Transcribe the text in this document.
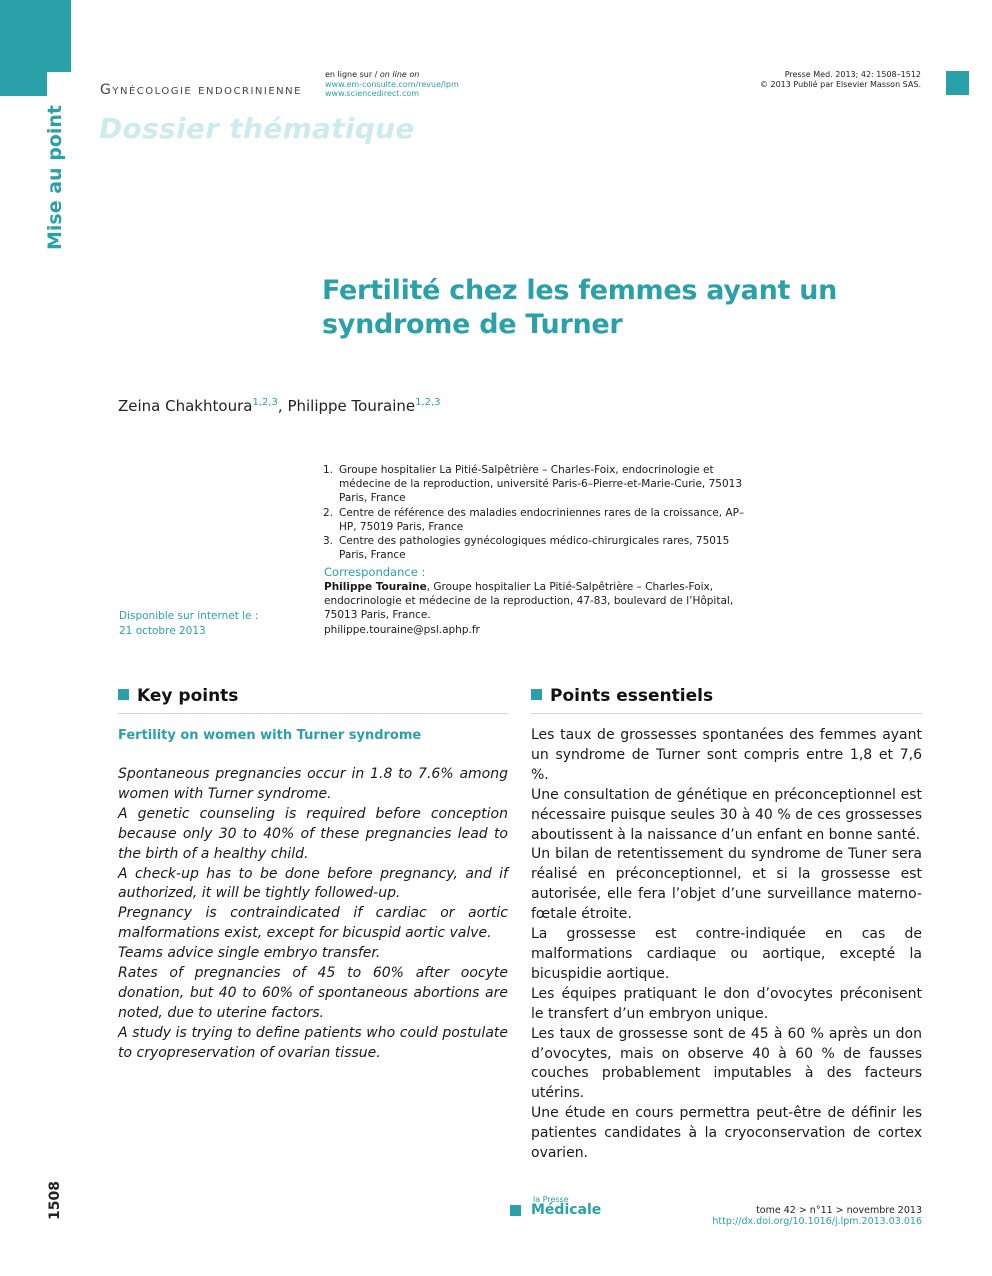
Gynécologie endocrinienne
en ligne sur / on line on
www.em-consulte.com/revue/lpm
www.sciencedirect.com
Presse Med. 2013; 42: 1508–1512
© 2013 Publié par Elsevier Masson SAS.
Dossier thématique
Mise au point
Fertilité chez les femmes ayant un syndrome de Turner
Zeina Chakhtoura$^{1,2,3}$, Philippe Touraine$^{1,2,3}$
1. Groupe hospitalier La Pitié-Salpêtrière – Charles-Foix, endocrinologie et médecine de la reproduction, université Paris-6–Pierre-et-Marie-Curie, 75013 Paris, France
2. Centre de référence des maladies endocriniennes rares de la croissance, AP–HP, 75019 Paris, France
3. Centre des pathologies gynécologiques médico-chirurgicales rares, 75015 Paris, France
Correspondance :
Philippe Touraine, Groupe hospitalier La Pitié-Salpêtrière – Charles-Foix,
endocrinologie et médecine de la reproduction, 47-83, boulevard de l’Hôpital,
75013 Paris, France.
philippe.touraine@psl.aphp.fr
Disponible sur internet le :
21 octobre 2013
Key points
Fertility on women with Turner syndrome

Spontaneous pregnancies occur in 1.8 to 7.6% among women with Turner syndrome.

A genetic counseling is required before conception because only 30 to 40% of these pregnancies lead to the birth of a healthy child.

A check-up has to be done before pregnancy, and if authorized, it will be tightly followed-up.

Pregnancy is contraindicated if cardiac or aortic malformations exist, except for bicuspid aortic valve.

Teams advice single embryo transfer.

Rates of pregnancies of 45 to 60% after oocyte donation, but 40 to 60% of spontaneous abortions are noted, due to uterine factors.

A study is trying to define patients who could postulate to cryopreservation of ovarian tissue.

Points essentiels

Les taux de grossesses spontanées des femmes ayant un syndrome de Turner sont compris entre 1,8 et 7,6 %.

Une consultation de génétique en préconceptionnel est nécessaire puisque seules 30 à 40 % de ces grossesses aboutissent à la naissance d’un enfant en bonne santé.

Un bilan de retentissement du syndrome de Tuner sera réalisé en préconceptionnel, et si la grossesse est autorisée, elle fera l’objet d’une surveillance materno-fœtale étroite.

La grossesse est contre-indiquée en cas de malformations cardiaque ou aortique, excepté la bicuspidie aortique.

Les équipes pratiquant le don d’ovocytes préconisent le transfert d’un embryon unique.

Les taux de grossesse sont de 45 à 60 % après un don d’ovocytes, mais on observe 40 à 60 % de fausses couches probablement imputables à des facteurs utérins.

Une étude en cours permettra peut-être de définir les patientes candidates à la cryoconservation de cortex ovarien.

1508	la Presse
Médicale	tome 42 > n°11 > novembre 2013
http://dx.doi.org/10.1016/j.lpm.2013.03.016
